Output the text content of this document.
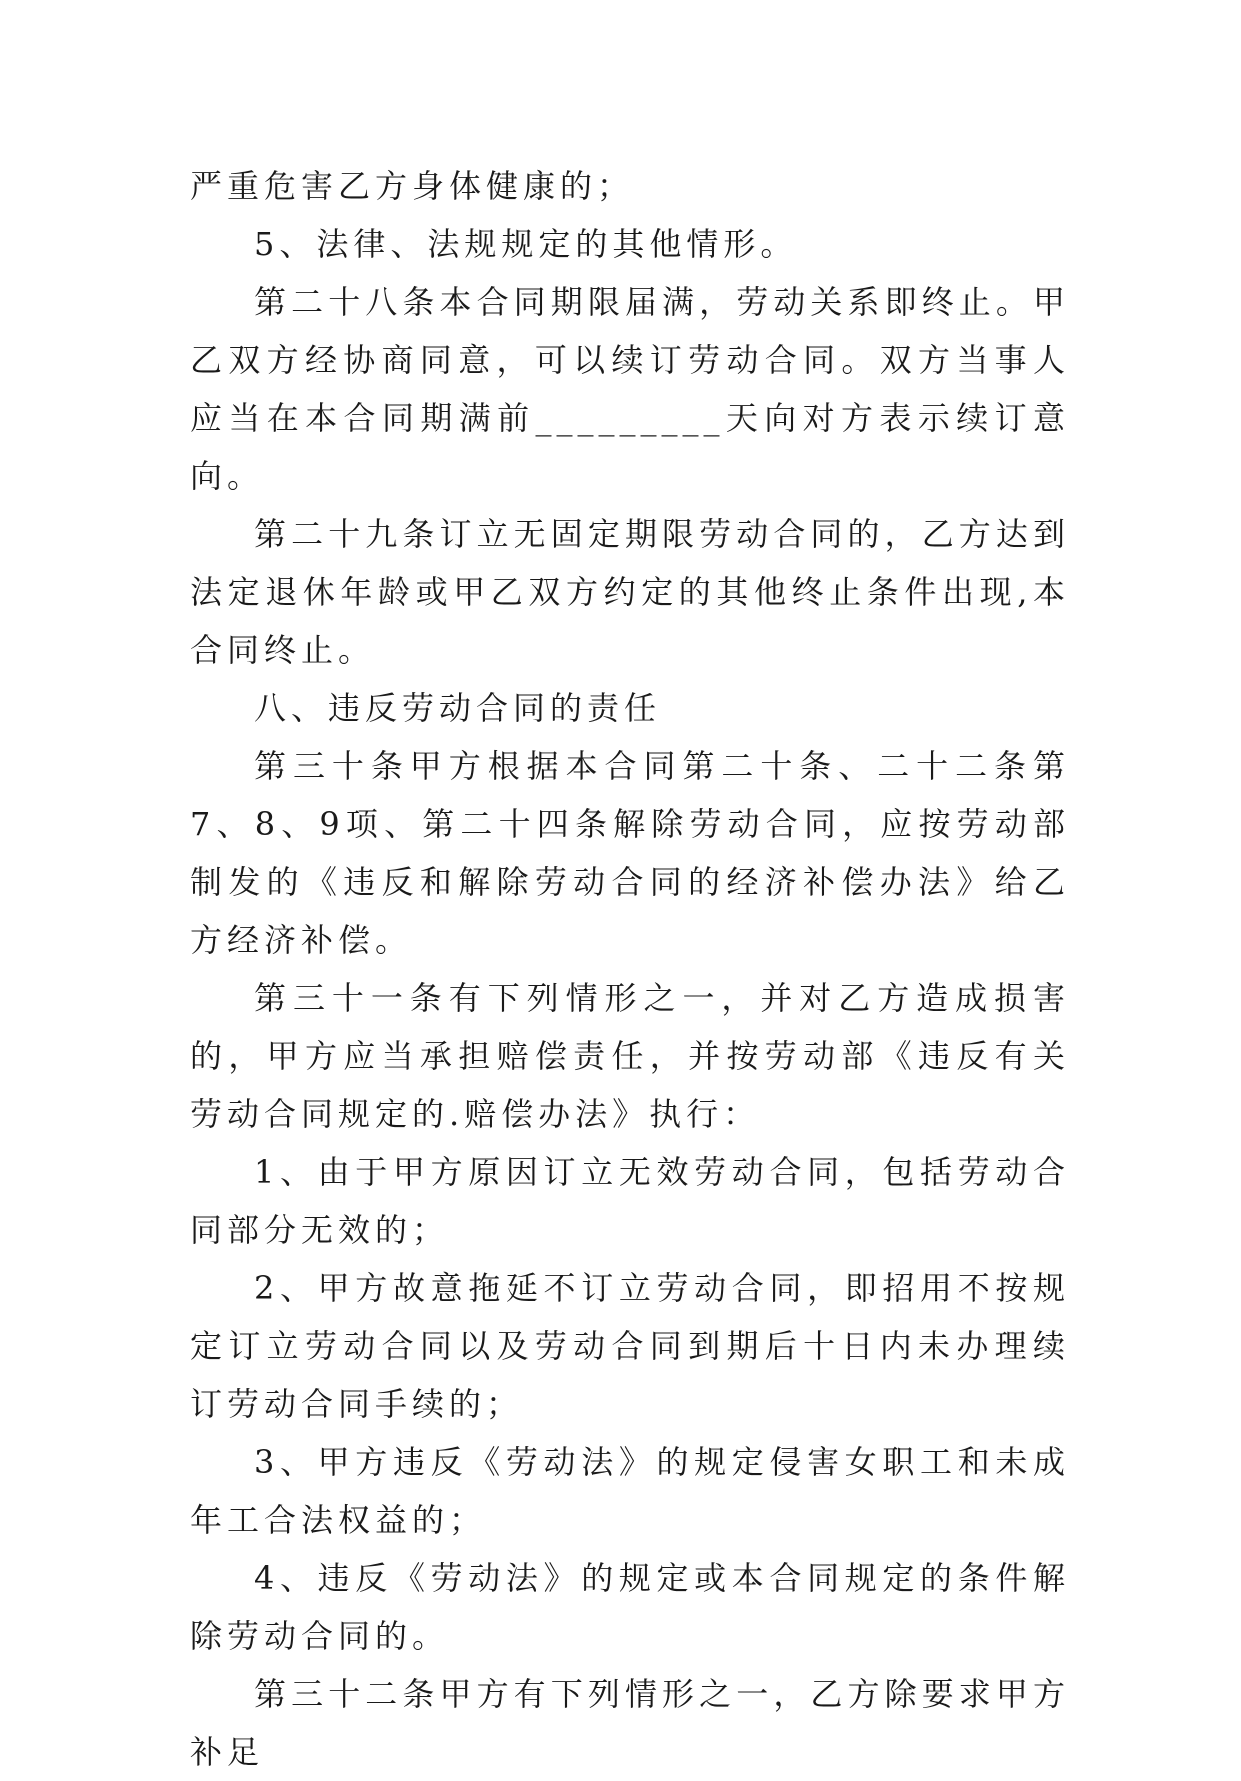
严重危害乙方身体健康的；

5、法律、法规规定的其他情形。

第二十八条本合同期限届满，劳动关系即终止。甲乙双方经协商同意，可以续订劳动合同。双方当事人应当在本合同期满前_________天向对方表示续订意向。

第二十九条订立无固定期限劳动合同的，乙方达到法定退休年龄或甲乙双方约定的其他终止条件出现,本合同终止。

八、违反劳动合同的责任

第三十条甲方根据本合同第二十条、二十二条第7、8、9项、第二十四条解除劳动合同，应按劳动部制发的《违反和解除劳动合同的经济补偿办法》给乙方经济补偿。

第三十一条有下列情形之一，并对乙方造成损害的，甲方应当承担赔偿责任，并按劳动部《违反有关劳动合同规定的.赔偿办法》执行：

1、由于甲方原因订立无效劳动合同，包括劳动合同部分无效的；

2、甲方故意拖延不订立劳动合同，即招用不按规定订立劳动合同以及劳动合同到期后十日内未办理续订劳动合同手续的；

3、甲方违反《劳动法》的规定侵害女职工和未成年工合法权益的；

4、违反《劳动法》的规定或本合同规定的条件解除劳动合同的。

第三十二条甲方有下列情形之一，乙方除要求甲方补足
